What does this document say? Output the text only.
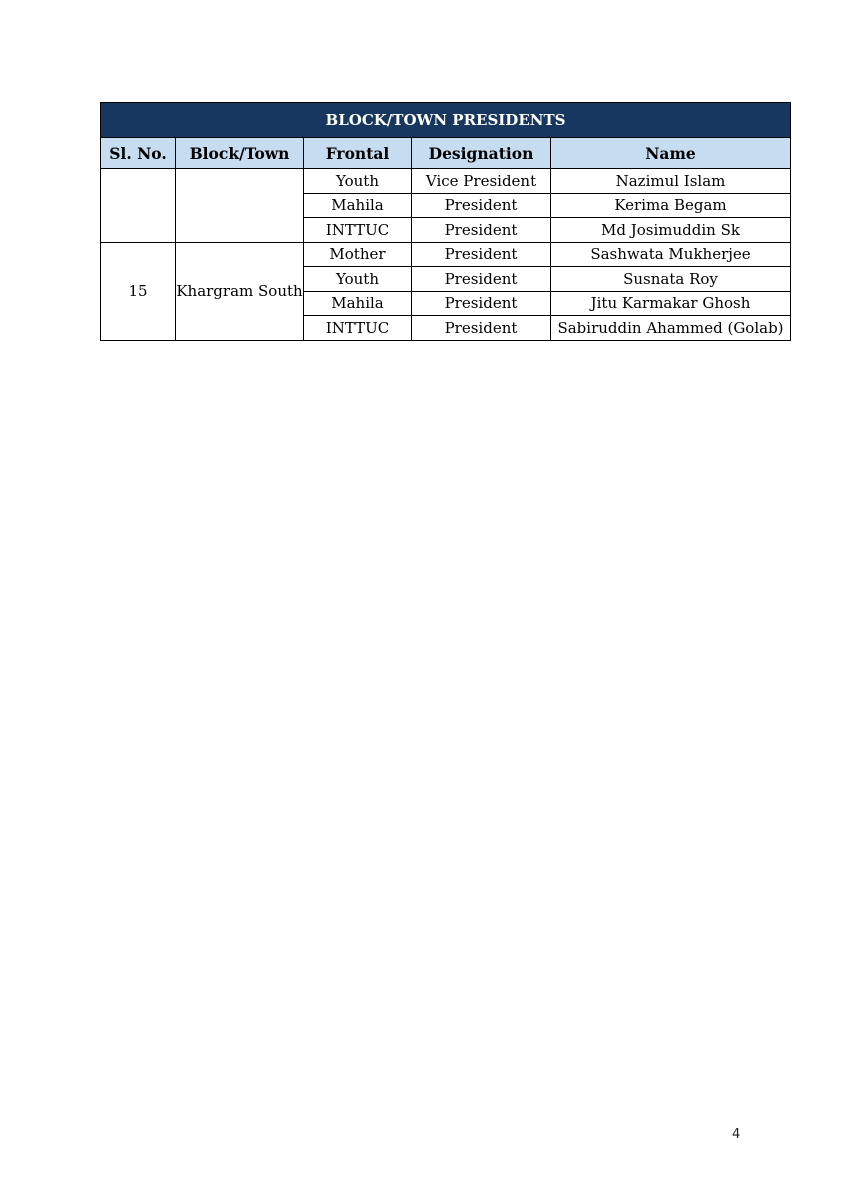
BLOCK/TOWN PRESIDENTS				
Sl. No.	Block/Town	Frontal	Designation	Name
		Youth	Vice President	Nazimul Islam
		Mahila	President	Kerima Begam
		INTTUC	President	Md Josimuddin Sk
15	Khargram South	Mother	President	Sashwata Mukherjee
		Youth	President	Susnata Roy
		Mahila	President	Jitu Karmakar Ghosh
		INTTUC	President	Sabiruddin Ahammed (Golab)
4
